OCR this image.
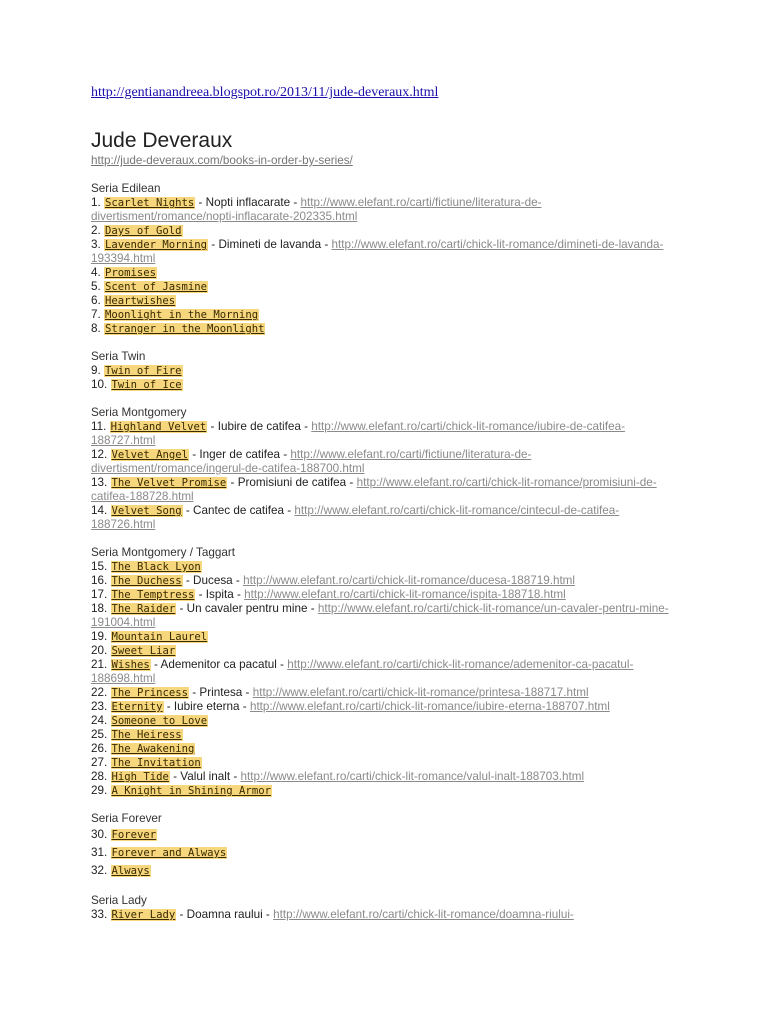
http://gentianandreea.blogspot.ro/2013/11/jude-deveraux.html
Jude Deveraux
http://jude-deveraux.com/books-in-order-by-series/
Seria Edilean
1. Scarlet Nights - Nopti inflacarate - http://www.elefant.ro/carti/fictiune/literatura-de-divertisment/romance/nopti-inflacarate-202335.html
2. Days of Gold
3. Lavender Morning - Dimineti de lavanda - http://www.elefant.ro/carti/chick-lit-romance/dimineti-de-lavanda-193394.html
4. Promises
5. Scent of Jasmine
6. Heartwishes
7. Moonlight in the Morning
8. Stranger in the Moonlight
Seria Twin
9. Twin of Fire
10. Twin of Ice
Seria Montgomery
11. Highland Velvet - Iubire de catifea - http://www.elefant.ro/carti/chick-lit-romance/iubire-de-catifea-188727.html
12. Velvet Angel - Inger de catifea - http://www.elefant.ro/carti/fictiune/literatura-de-divertisment/romance/ingerul-de-catifea-188700.html
13. The Velvet Promise - Promisiuni de catifea - http://www.elefant.ro/carti/chick-lit-romance/promisiuni-de-catifea-188728.html
14. Velvet Song - Cantec de catifea - http://www.elefant.ro/carti/chick-lit-romance/cintecul-de-catifea-188726.html
Seria Montgomery / Taggart
15. The Black Lyon
16. The Duchess - Ducesa - http://www.elefant.ro/carti/chick-lit-romance/ducesa-188719.html
17. The Temptress - Ispita - http://www.elefant.ro/carti/chick-lit-romance/ispita-188718.html
18. The Raider - Un cavaler pentru mine - http://www.elefant.ro/carti/chick-lit-romance/un-cavaler-pentru-mine-191004.html
19. Mountain Laurel
20. Sweet Liar
21. Wishes - Ademenitor ca pacatul - http://www.elefant.ro/carti/chick-lit-romance/ademenitor-ca-pacatul-188698.html
22. The Princess - Printesa - http://www.elefant.ro/carti/chick-lit-romance/printesa-188717.html
23. Eternity - Iubire eterna - http://www.elefant.ro/carti/chick-lit-romance/iubire-eterna-188707.html
24. Someone to Love
25. The Heiress
26. The Awakening
27. The Invitation
28. High Tide - Valul inalt - http://www.elefant.ro/carti/chick-lit-romance/valul-inalt-188703.html
29. A Knight in Shining Armor
Seria Forever
30. Forever
31. Forever and Always
32. Always
Seria Lady
33. River Lady - Doamna raului - http://www.elefant.ro/carti/chick-lit-romance/doamna-riului-
